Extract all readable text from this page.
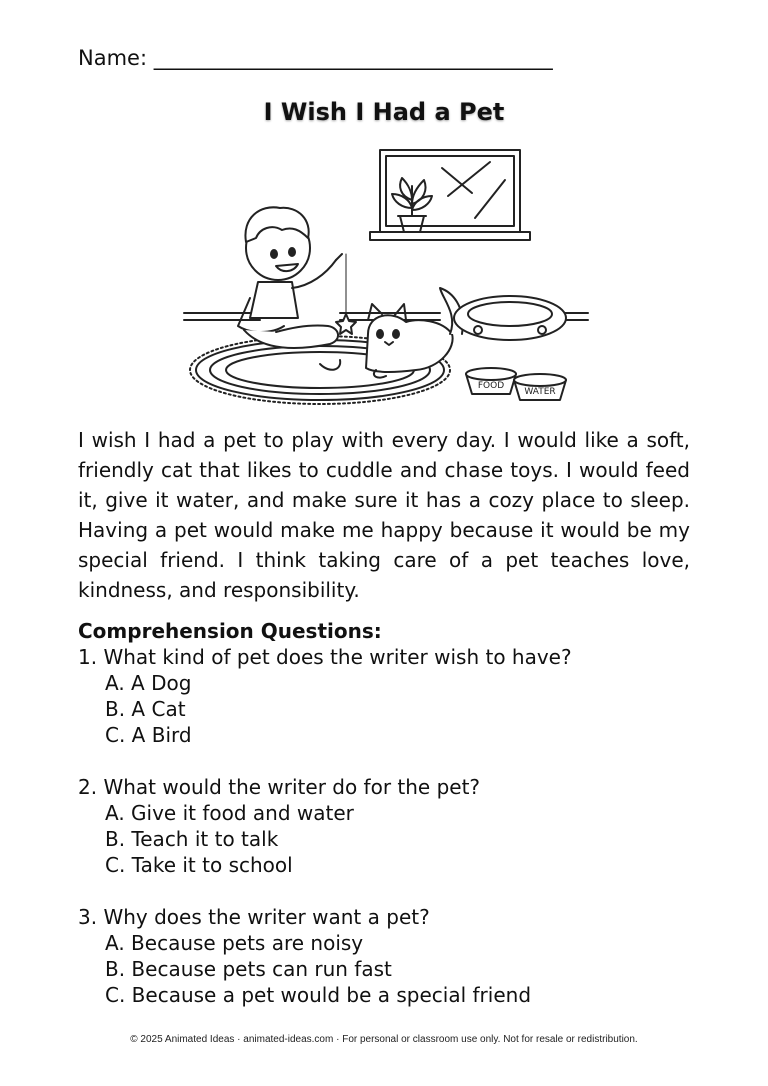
Name: ______________________________________
I Wish I Had a Pet
FOOD
WATER

I wish I had a pet to play with every day. I would like a soft, friendly cat that likes to cuddle and chase toys. I would feed it, give it water, and make sure it has a cozy place to sleep. Having a pet would make me happy because it would be my special friend. I think taking care of a pet teaches love, kindness, and responsibility.

Comprehension Questions:

1. What kind of pet does the writer wish to have?

A. A Dog

B. A Cat

C. A Bird

2. What would the writer do for the pet?

A. Give it food and water

B. Teach it to talk

C. Take it to school

3. Why does the writer want a pet?

A. Because pets are noisy

B. Because pets can run fast

C. Because a pet would be a special friend

© 2025 Animated Ideas · animated-ideas.com · For personal or classroom use only. Not for resale or redistribution.
